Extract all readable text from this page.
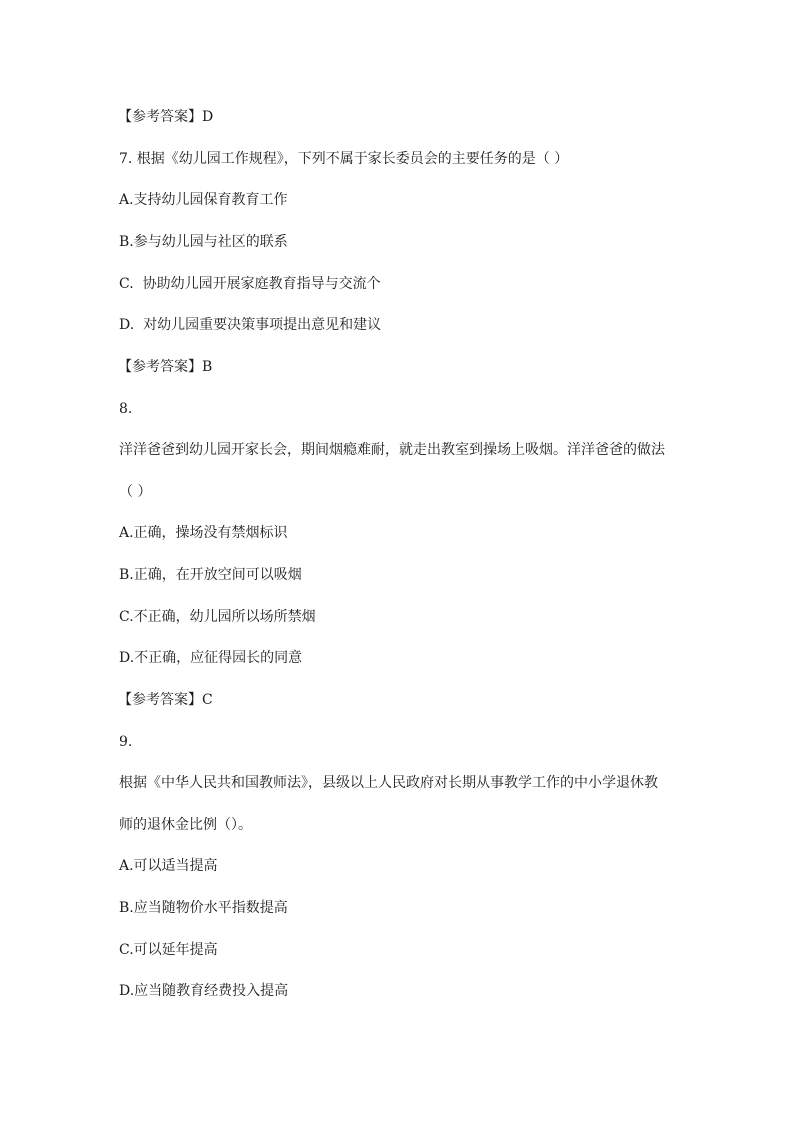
【参考答案】D
7. 根据《幼儿园工作规程》，下列不属于家长委员会的主要任务的是（ ）
A.支持幼儿园保育教育工作
B.参与幼儿园与社区的联系
C.  协助幼儿园开展家庭教育指导与交流个
D.  对幼儿园重要决策事项提出意见和建议
【参考答案】B
8.
洋洋爸爸到幼儿园开家长会，期间烟瘾难耐，就走出教室到操场上吸烟。洋洋爸爸的做法
（ ）
A.正确，操场没有禁烟标识
B.正确，在开放空间可以吸烟
C.不正确，幼儿园所以场所禁烟
D.不正确，应征得园长的同意
【参考答案】C
9.
根据《中华人民共和国教师法》，县级以上人民政府对长期从事教学工作的中小学退休教
师的退休金比例（）。
A.可以适当提高
B.应当随物价水平指数提高
C.可以延年提高
D.应当随教育经费投入提高
